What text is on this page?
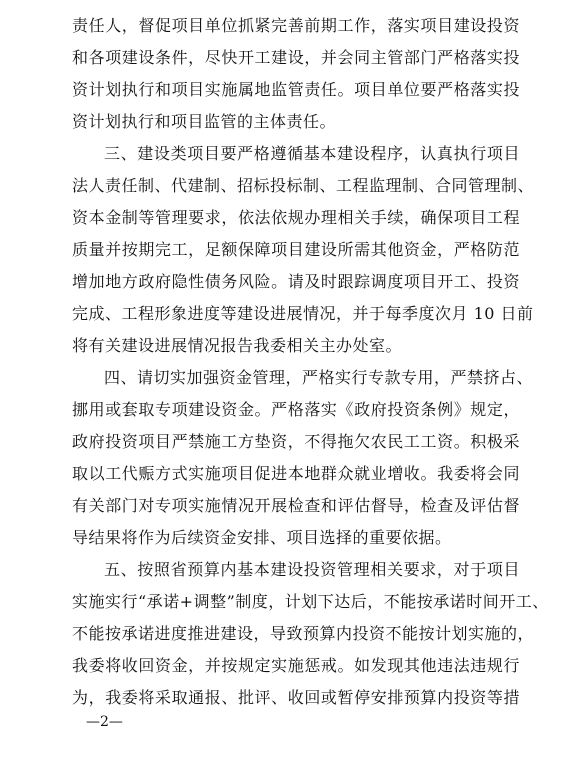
责任人，督促项目单位抓紧完善前期工作，落实项目建设投资
和各项建设条件，尽快开工建设，并会同主管部门严格落实投
资计划执行和项目实施属地监管责任。项目单位要严格落实投
资计划执行和项目监管的主体责任。
三、建设类项目要严格遵循基本建设程序，认真执行项目
法人责任制、代建制、招标投标制、工程监理制、合同管理制、
资本金制等管理要求，依法依规办理相关手续，确保项目工程
质量并按期完工，足额保障项目建设所需其他资金，严格防范
增加地方政府隐性债务风险。请及时跟踪调度项目开工、投资
完成、工程形象进度等建设进展情况，并于每季度次月 10 日前
将有关建设进展情况报告我委相关主办处室。
四、请切实加强资金管理，严格实行专款专用，严禁挤占、
挪用或套取专项建设资金。严格落实《政府投资条例》规定，
政府投资项目严禁施工方垫资，不得拖欠农民工工资。积极采
取以工代赈方式实施项目促进本地群众就业增收。我委将会同
有关部门对专项实施情况开展检查和评估督导，检查及评估督
导结果将作为后续资金安排、项目选择的重要依据。
五、按照省预算内基本建设投资管理相关要求，对于项目
实施实行“承诺+调整”制度，计划下达后，不能按承诺时间开工、
不能按承诺进度推进建设，导致预算内投资不能按计划实施的，
我委将收回资金，并按规定实施惩戒。如发现其他违法违规行
为，我委将采取通报、批评、收回或暂停安排预算内投资等措
—2—
